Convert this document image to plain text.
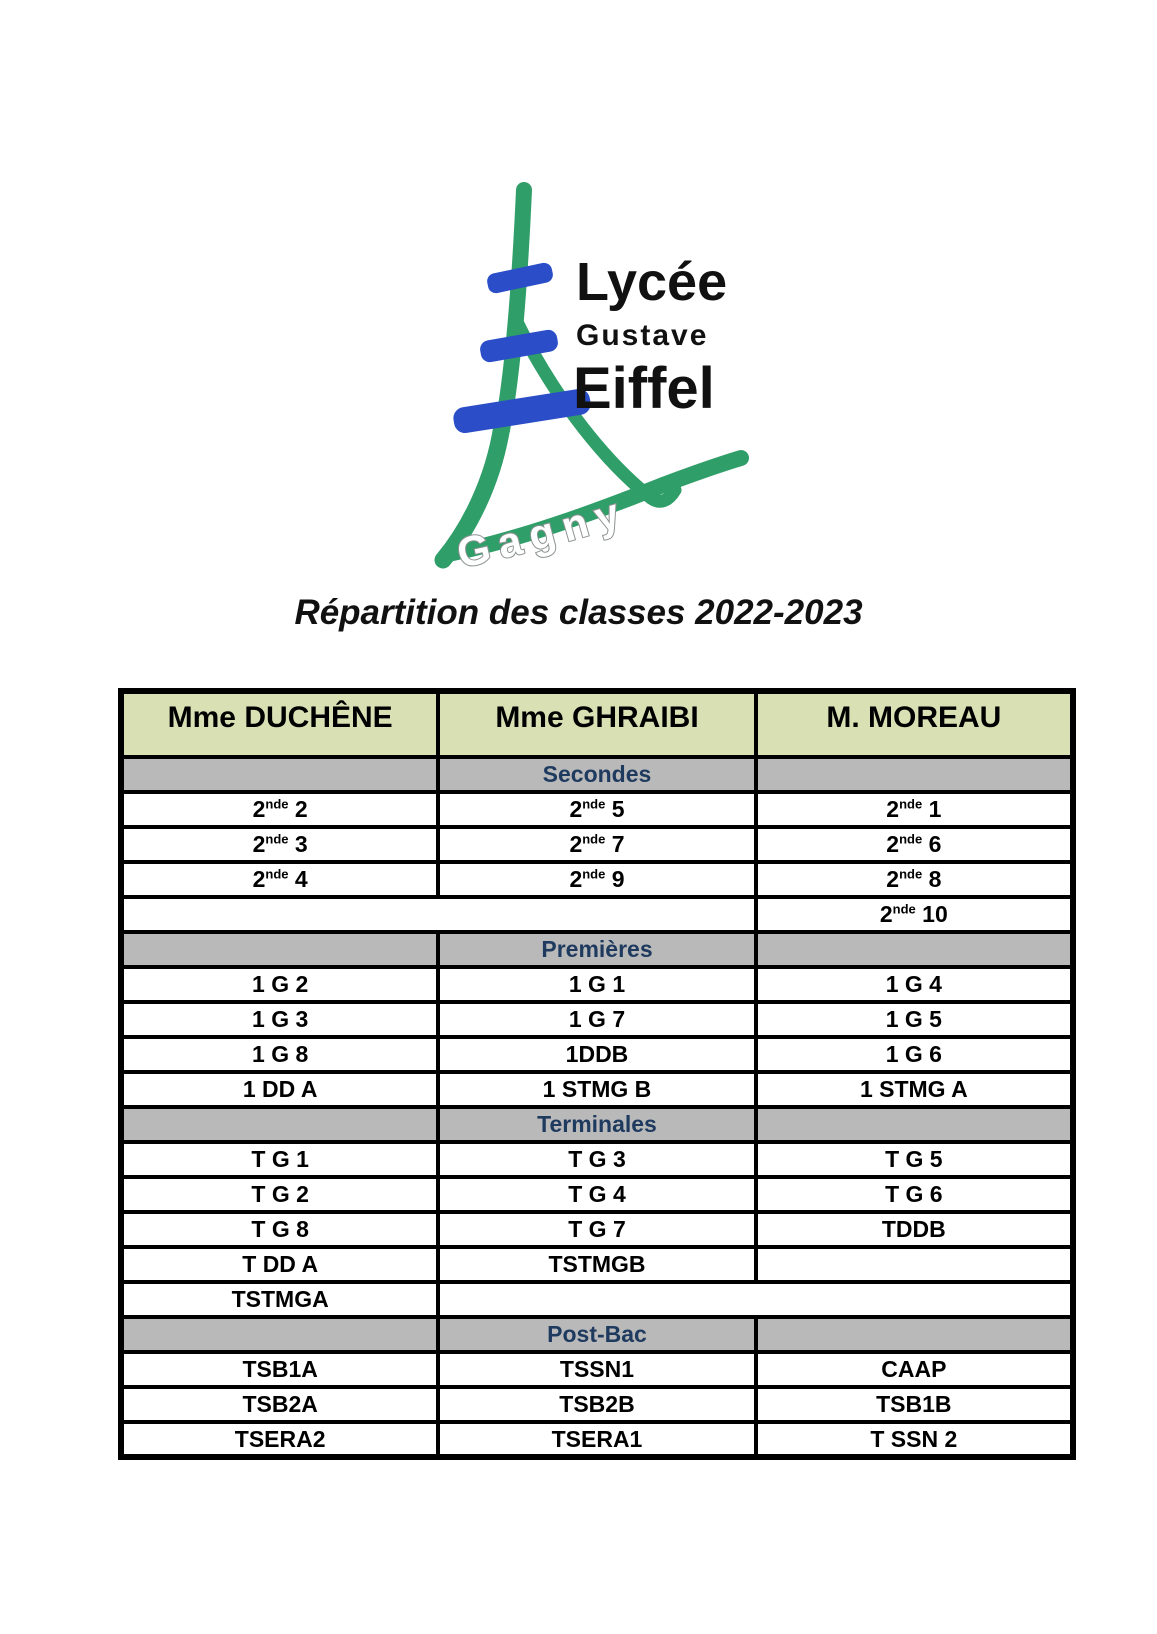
Lycée
Gustave
Eiffel
Gagny
Répartition des classes 2022-2023
Mme DUCHÊNE	Mme GHRAIBI	M. MOREAU
	Secondes	
2nde 2	2nde 5	2nde 1
2nde 3	2nde 7	2nde 6
2nde 4	2nde 9	2nde 8
		2nde 10
	Premières	
1 G 2	1 G 1	1 G 4
1 G 3	1 G 7	1 G 5
1 G 8	1DDB	1 G 6
1 DD A	1 STMG B	1 STMG A
	Terminales	
T G 1	T G 3	T G 5
T G 2	T G 4	T G 6
T G 8	T G 7	TDDB
T DD A	TSTMGB	
TSTMGA		
	Post-Bac	
TSB1A	TSSN1	CAAP
TSB2A	TSB2B	TSB1B
TSERA2	TSERA1	T SSN 2
